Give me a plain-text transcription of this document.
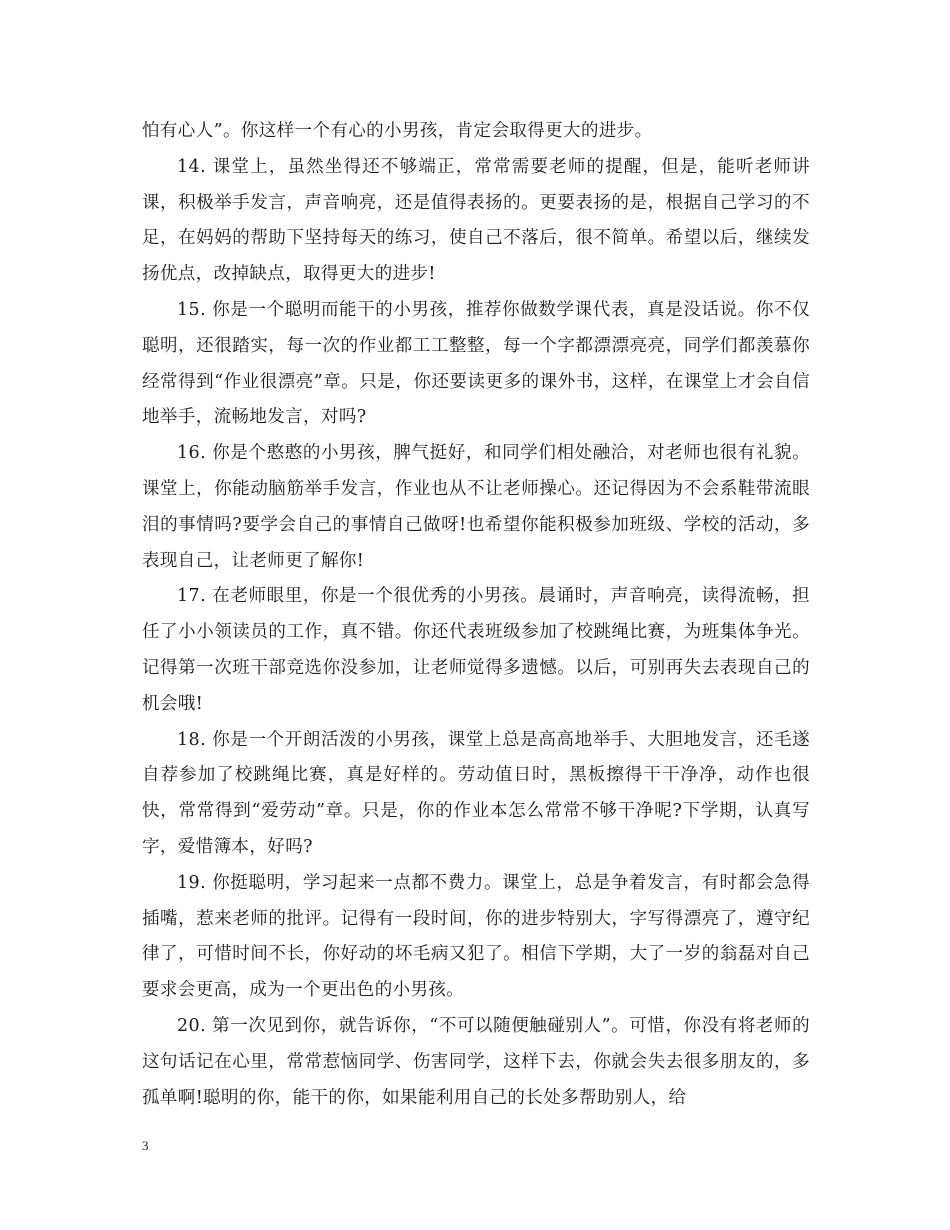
怕有心人”。你这样一个有心的小男孩，肯定会取得更大的进步。

14. 课堂上，虽然坐得还不够端正，常常需要老师的提醒，但是，能听老师讲课，积极举手发言，声音响亮，还是值得表扬的。更要表扬的是，根据自己学习的不足，在妈妈的帮助下坚持每天的练习，使自己不落后，很不简单。希望以后，继续发扬优点，改掉缺点，取得更大的进步!

15. 你是一个聪明而能干的小男孩，推荐你做数学课代表，真是没话说。你不仅聪明，还很踏实，每一次的作业都工工整整，每一个字都漂漂亮亮，同学们都羡慕你经常得到“作业很漂亮”章。只是，你还要读更多的课外书，这样，在课堂上才会自信地举手，流畅地发言，对吗?

16. 你是个憨憨的小男孩，脾气挺好，和同学们相处融洽，对老师也很有礼貌。课堂上，你能动脑筋举手发言，作业也从不让老师操心。还记得因为不会系鞋带流眼泪的事情吗?要学会自己的事情自己做呀!也希望你能积极参加班级、学校的活动，多表现自己，让老师更了解你!

17. 在老师眼里，你是一个很优秀的小男孩。晨诵时，声音响亮，读得流畅，担任了小小领读员的工作，真不错。你还代表班级参加了校跳绳比赛，为班集体争光。记得第一次班干部竞选你没参加，让老师觉得多遗憾。以后，可别再失去表现自己的机会哦!

18. 你是一个开朗活泼的小男孩，课堂上总是高高地举手、大胆地发言，还毛遂自荐参加了校跳绳比赛，真是好样的。劳动值日时，黑板擦得干干净净，动作也很快，常常得到“爱劳动”章。只是，你的作业本怎么常常不够干净呢?下学期，认真写字，爱惜簿本，好吗?

19. 你挺聪明，学习起来一点都不费力。课堂上，总是争着发言，有时都会急得插嘴，惹来老师的批评。记得有一段时间，你的进步特别大，字写得漂亮了，遵守纪律了，可惜时间不长，你好动的坏毛病又犯了。相信下学期，大了一岁的翁磊对自己要求会更高，成为一个更出色的小男孩。

20. 第一次见到你，就告诉你，“不可以随便触碰别人”。可惜，你没有将老师的这句话记在心里，常常惹恼同学、伤害同学，这样下去，你就会失去很多朋友的，多孤单啊!聪明的你，能干的你，如果能利用自己的长处多帮助别人，给

3
